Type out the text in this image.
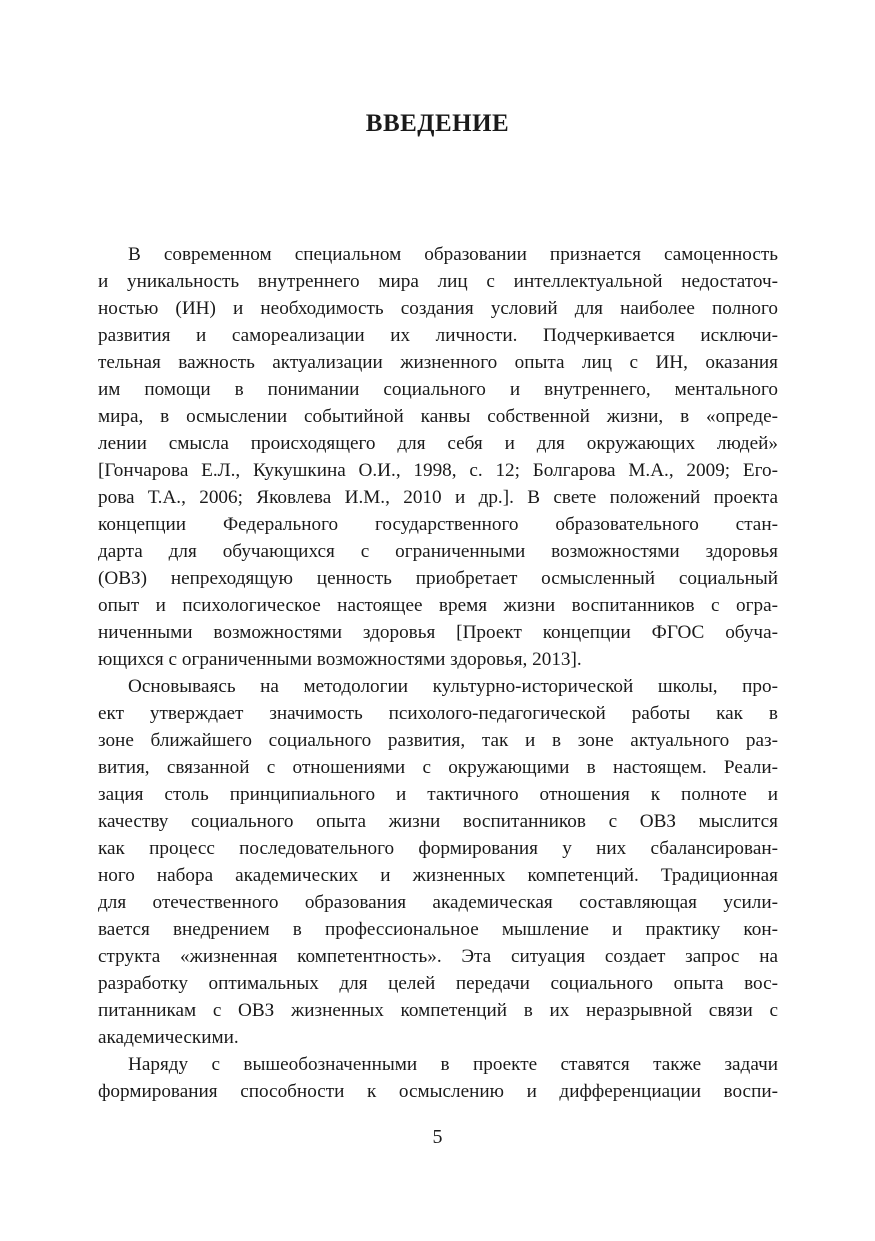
ВВЕДЕНИЕ
В современном специальном образовании признается самоценность
и уникальность внутреннего мира лиц с интеллектуальной недостаточ-
ностью (ИН) и необходимость создания условий для наиболее полного
развития и самореализации их личности. Подчеркивается исключи-
тельная важность актуализации жизненного опыта лиц с ИН, оказания
им помощи в понимании социального и внутреннего, ментального
мира, в осмыслении событийной канвы собственной жизни, в «опреде-
лении смысла происходящего для себя и для окружающих людей»
[Гончарова Е.Л., Кукушкина О.И., 1998, с. 12; Болгарова М.А., 2009; Его-
рова Т.А., 2006; Яковлева И.М., 2010 и др.]. В свете положений проекта
концепции Федерального государственного образовательного стан-
дарта для обучающихся с ограниченными возможностями здоровья
(ОВЗ) непреходящую ценность приобретает осмысленный социальный
опыт и психологическое настоящее время жизни воспитанников с огра-
ниченными возможностями здоровья [Проект концепции ФГОС обуча-
ющихся с ограниченными возможностями здоровья, 2013].
Основываясь на методологии культурно-исторической школы, про-
ект утверждает значимость психолого-педагогической работы как в
зоне ближайшего социального развития, так и в зоне актуального раз-
вития, связанной с отношениями с окружающими в настоящем. Реали-
зация столь принципиального и тактичного отношения к полноте и
качеству социального опыта жизни воспитанников с ОВЗ мыслится
как процесс последовательного формирования у них сбалансирован-
ного набора академических и жизненных компетенций. Традиционная
для отечественного образования академическая составляющая усили-
вается внедрением в профессиональное мышление и практику кон-
структа «жизненная компетентность». Эта ситуация создает запрос на
разработку оптимальных для целей передачи социального опыта вос-
питанникам с ОВЗ жизненных компетенций в их неразрывной связи с
академическими.
Наряду с вышеобозначенными в проекте ставятся также задачи
формирования способности к осмыслению и дифференциации воспи-
5
